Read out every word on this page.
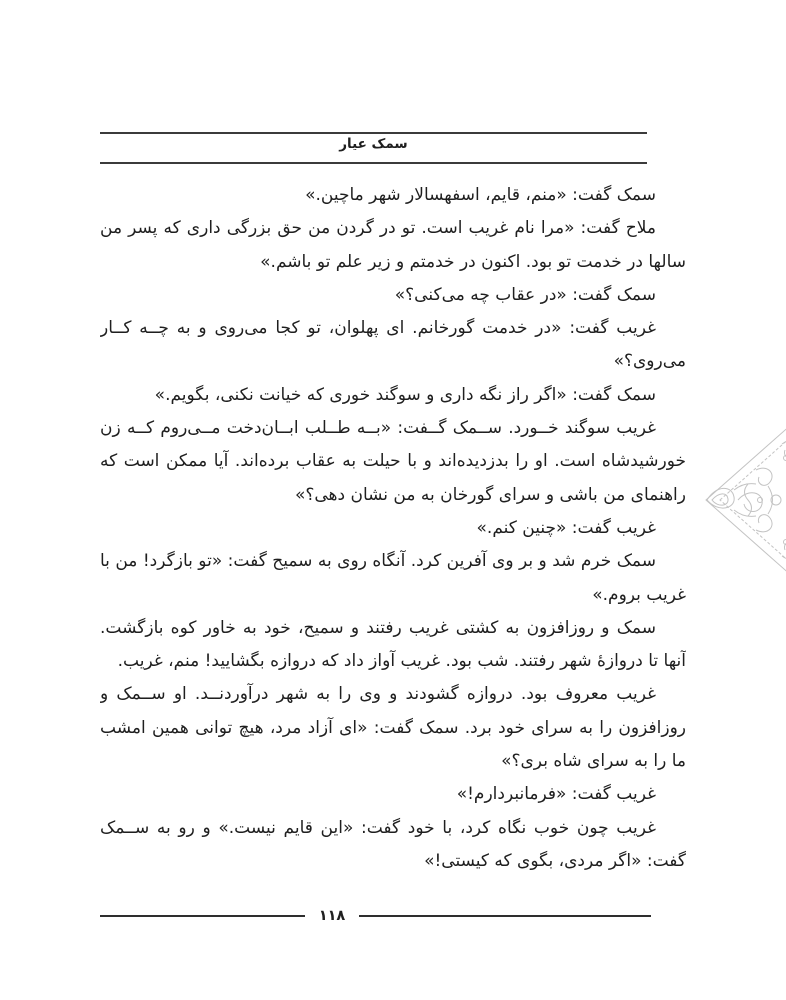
سمک عیار
سمک گفت: «منم، قایم، اسفهسالار شهر ماچین.»
ملاح گفت: «مرا نام غریب است. تو در گردن من حق بزرگی داری که پسر من
سالها در خدمت تو بود. اکنون در خدمتم و زیر علم تو باشم.»
سمک گفت: «در عقاب چه می‌کنی؟»
غریب گفت: «در خدمت گورخانم. ای پهلوان، تو کجا می‌روی و به چــه کــار
می‌روی؟»
سمک گفت: «اگر راز نگه داری و سوگند خوری که خیانت نکنی، بگویم.»
غریب سوگند خــورد. ســمک گــفت: «بــه طــلب ابــان‌دخت مــی‌روم کــه زن
خورشیدشاه است. او را بدزدیده‌اند و با حیلت به عقاب برده‌اند. آیا ممکن است که
راهنمای من باشی و سرای گورخان به من نشان دهی؟»
غریب گفت: «چنین کنم.»
سمک خرم شد و بر وی آفرین کرد. آنگاه روی به سمیح گفت: «تو بازگرد! من با
غریب بروم.»
سمک و روزافزون به کشتی غریب رفتند و سمیح، خود به خاور کوه بازگشت.
آنها تا دروازهٔ شهر رفتند. شب بود. غریب آواز داد که دروازه بگشایید! منم، غریب.
غریب معروف بود. دروازه گشودند و وی را به شهر درآوردنــد. او ســمک و
روزافزون را به سرای خود برد. سمک گفت: «ای آزاد مرد، هیچ توانی همین امشب
ما را به سرای شاه بری؟»
غریب گفت: «فرمانبردارم!»
غریب چون خوب نگاه کرد، با خود گفت: «این قایم نیست.» و رو به ســمک
گفت: «اگر مردی، بگوی که کیستی!»
۱۱۸
